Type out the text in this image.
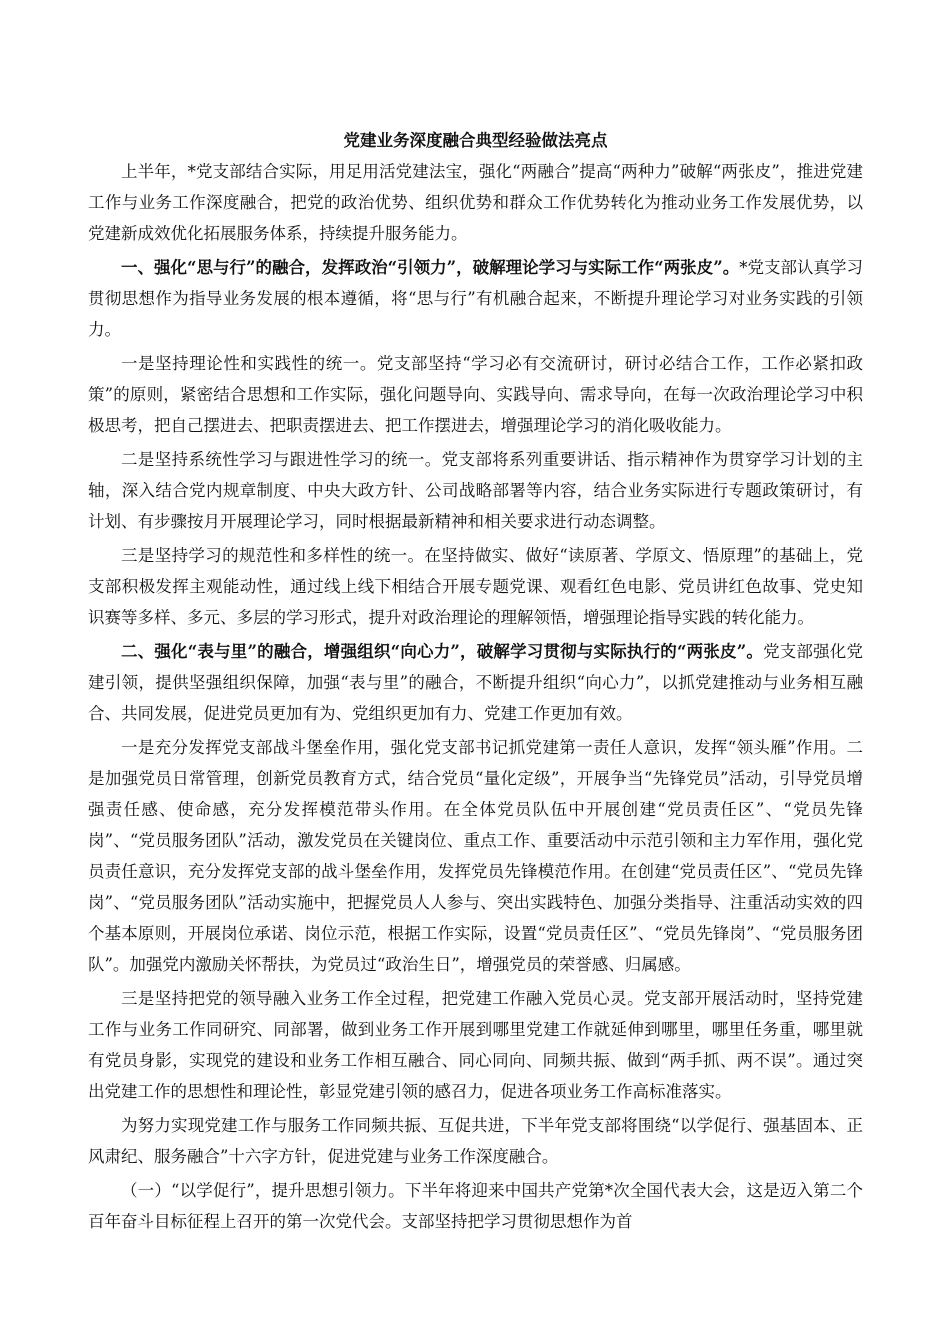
党建业务深度融合典型经验做法亮点

上半年，*党支部结合实际，用足用活党建法宝，强化“两融合”提高“两种力”破解“两张皮”，推进党建工作与业务工作深度融合，把党的政治优势、组织优势和群众工作优势转化为推动业务工作发展优势，以党建新成效优化拓展服务体系，持续提升服务能力。

一、强化“思与行”的融合，发挥政治“引领力”，破解理论学习与实际工作“两张皮”。*党支部认真学习贯彻思想作为指导业务发展的根本遵循，将“思与行”有机融合起来，不断提升理论学习对业务实践的引领力。

一是坚持理论性和实践性的统一。党支部坚持“学习必有交流研讨，研讨必结合工作，工作必紧扣政策”的原则，紧密结合思想和工作实际，强化问题导向、实践导向、需求导向，在每一次政治理论学习中积极思考，把自己摆进去、把职责摆进去、把工作摆进去，增强理论学习的消化吸收能力。

二是坚持系统性学习与跟进性学习的统一。党支部将系列重要讲话、指示精神作为贯穿学习计划的主轴，深入结合党内规章制度、中央大政方针、公司战略部署等内容，结合业务实际进行专题政策研讨，有计划、有步骤按月开展理论学习，同时根据最新精神和相关要求进行动态调整。

三是坚持学习的规范性和多样性的统一。在坚持做实、做好“读原著、学原文、悟原理”的基础上，党支部积极发挥主观能动性，通过线上线下相结合开展专题党课、观看红色电影、党员讲红色故事、党史知识赛等多样、多元、多层的学习形式，提升对政治理论的理解领悟，增强理论指导实践的转化能力。

二、强化“表与里”的融合，增强组织“向心力”，破解学习贯彻与实际执行的“两张皮”。党支部强化党建引领，提供坚强组织保障，加强“表与里”的融合，不断提升组织“向心力”，以抓党建推动与业务相互融合、共同发展，促进党员更加有为、党组织更加有力、党建工作更加有效。

一是充分发挥党支部战斗堡垒作用，强化党支部书记抓党建第一责任人意识，发挥“领头雁”作用。二是加强党员日常管理，创新党员教育方式，结合党员“量化定级”，开展争当“先锋党员”活动，引导党员增强责任感、使命感，充分发挥模范带头作用。在全体党员队伍中开展创建“党员责任区”、“党员先锋岗”、“党员服务团队”活动，激发党员在关键岗位、重点工作、重要活动中示范引领和主力军作用，强化党员责任意识，充分发挥党支部的战斗堡垒作用，发挥党员先锋模范作用。在创建“党员责任区”、“党员先锋岗”、“党员服务团队”活动实施中，把握党员人人参与、突出实践特色、加强分类指导、注重活动实效的四个基本原则，开展岗位承诺、岗位示范，根据工作实际，设置“党员责任区”、“党员先锋岗”、“党员服务团队”。加强党内激励关怀帮扶，为党员过“政治生日”，增强党员的荣誉感、归属感。

三是坚持把党的领导融入业务工作全过程，把党建工作融入党员心灵。党支部开展活动时，坚持党建工作与业务工作同研究、同部署，做到业务工作开展到哪里党建工作就延伸到哪里，哪里任务重，哪里就有党员身影，实现党的建设和业务工作相互融合、同心同向、同频共振、做到“两手抓、两不误”。通过突出党建工作的思想性和理论性，彰显党建引领的感召力，促进各项业务工作高标准落实。

为努力实现党建工作与服务工作同频共振、互促共进，下半年党支部将围绕“以学促行、强基固本、正风肃纪、服务融合”十六字方针，促进党建与业务工作深度融合。

（一）“以学促行”，提升思想引领力。下半年将迎来中国共产党第*次全国代表大会，这是迈入第二个百年奋斗目标征程上召开的第一次党代会。支部坚持把学习贯彻思想作为首
